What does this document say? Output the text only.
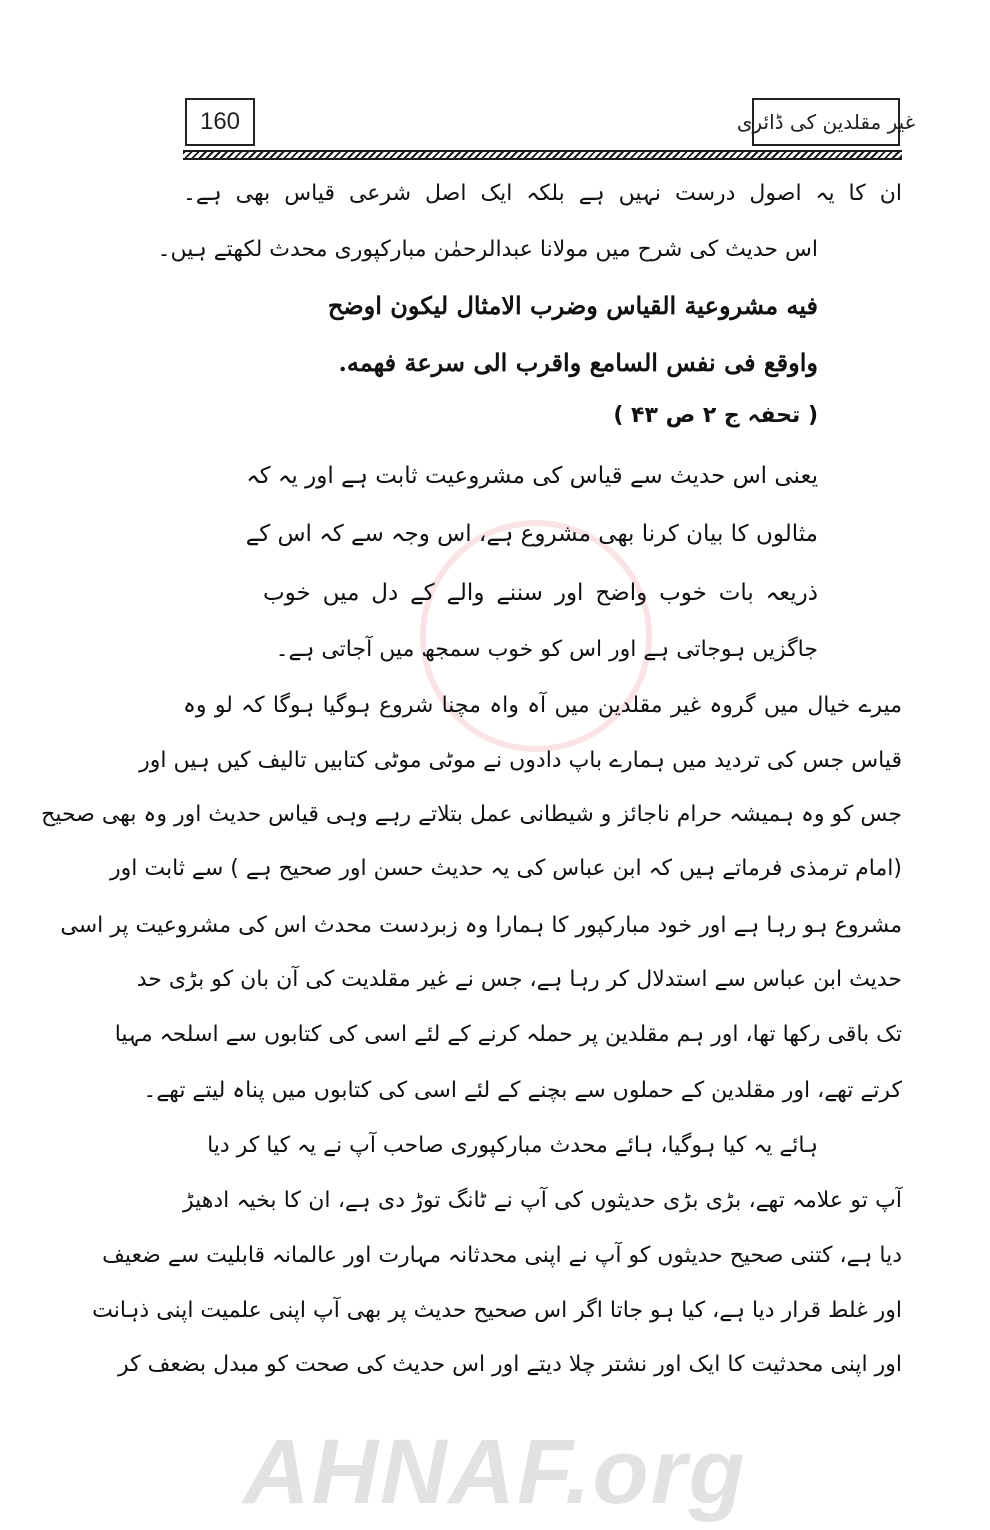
160	غیر مقلدین کی ڈائری
ان کا یہ اصول درست نہیں ہے بلکہ ایک اصل شرعی قیاس بھی ہے۔
اس حدیث کی شرح میں مولانا عبدالرحمٰن مبارکپوری محدث لکھتے ہیں۔
فیه مشروعیة القیاس وضرب الامثال لیکون اوضح
واوقع فی نفس السامع واقرب الی سرعة فهمه.
( تحفہ ج ۲ ص ۴۳ )
یعنی اس حدیث سے قیاس کی مشروعیت ثابت ہے اور یہ کہ
مثالوں کا بیان کرنا بھی مشروع ہے، اس وجہ سے کہ اس کے
ذریعہ بات خوب واضح اور سننے والے کے دل میں خوب
جاگزیں ہوجاتی ہے اور اس کو خوب سمجھ میں آجاتی ہے۔
میرے خیال میں گروہ غیر مقلدین میں آہ واہ مچنا شروع ہوگیا ہوگا کہ لو وہ
قیاس جس کی تردید میں ہمارے باپ دادوں نے موٹی موٹی کتابیں تالیف کیں ہیں اور
جس کو وہ ہمیشہ حرام ناجائز و شیطانی عمل بتلاتے رہے وہی قیاس حدیث اور وہ بھی صحیح
(امام ترمذی فرماتے ہیں کہ ابن عباس کی یہ حدیث حسن اور صحیح ہے ) سے ثابت اور
مشروع ہو رہا ہے اور خود مبارکپور کا ہمارا وہ زبردست محدث اس کی مشروعیت پر اسی
حدیث ابن عباس سے استدلال کر رہا ہے، جس نے غیر مقلدیت کی آن بان کو بڑی حد
تک باقی رکھا تھا، اور ہم مقلدین پر حملہ کرنے کے لئے اسی کی کتابوں سے اسلحہ مہیا
کرتے تھے، اور مقلدین کے حملوں سے بچنے کے لئے اسی کی کتابوں میں پناہ لیتے تھے۔
ہائے یہ کیا ہوگیا، ہائے محدث مبارکپوری صاحب آپ نے یہ کیا کر دیا
آپ تو علامہ تھے، بڑی بڑی حدیثوں کی آپ نے ٹانگ توڑ دی ہے، ان کا بخیہ ادھیڑ
دیا ہے، کتنی صحیح حدیثوں کو آپ نے اپنی محدثانہ مہارت اور عالمانہ قابلیت سے ضعیف
اور غلط قرار دیا ہے، کیا ہو جاتا اگر اس صحیح حدیث پر بھی آپ اپنی علمیت اپنی ذہانت
اور اپنی محدثیت کا ایک اور نشتر چلا دیتے اور اس حدیث کی صحت کو مبدل بضعف کر
AHNAF.org
